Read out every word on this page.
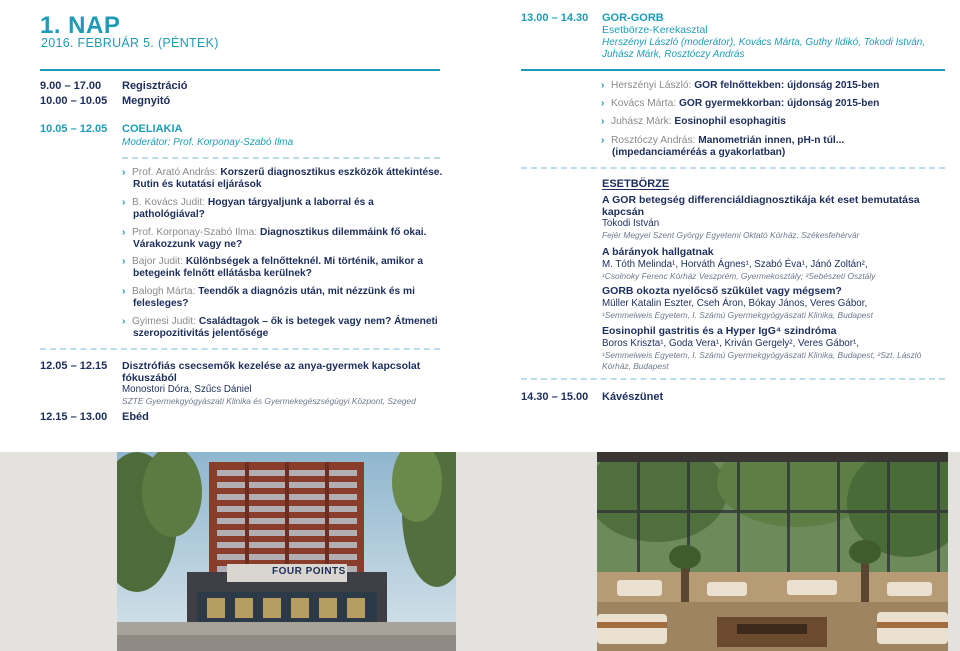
1. NAP
2016. FEBRUÁR 5. (PÉNTEK)
9.00 – 17.00 Regisztráció
10.00 – 10.05 Megnyitó
10.05 – 12.05 COELIAKIA
Moderátor: Prof. Korponay-Szabó Ilma
› Prof. Arató András: Korszerű diagnosztikus eszközök áttekintése.
Rutin és kutatási eljárások
› B. Kovács Judit: Hogyan tárgyaljunk a laborral és a
pathológiával?
› Prof. Korponay-Szabó Ilma: Diagnosztikus dilemmáink fő okai.
Várakozzunk vagy ne?
› Bajor Judit: Különbségek a felnőtteknél. Mi történik, amikor a
betegeink felnőtt ellátásba kerülnek?
› Balogh Márta: Teendők a diagnózis után, mit nézzünk és mi
felesleges?
› Gyimesi Judit: Családtagok – ők is betegek vagy nem? Átmeneti
szeropozitivitás jelentősége
12.05 – 12.15 Disztrófiás csecsemők kezelése az anya-gyermek kapcsolat
fókuszából
Monostori Dóra, Szűcs Dániel
SZTE Gyermekgyógyászati Klinika és Gyermekegészségügyi Központ, Szeged
12.15 – 13.00 Ebéd
13.00 – 14.30 GOR-GORB
Esetbörze-Kerekasztal
Herszényi László (moderátor), Kovács Márta, Guthy Ildikó, Tokodi István,
Juhász Márk, Rosztóczy András
› Herszényi László: GOR felnőttekben: újdonság 2015-ben
› Kovács Márta: GOR gyermekkorban: újdonság 2015-ben
› Juhász Márk: Eosinophil esophagitis
› Rosztóczy András: Manometrián innen, pH-n túl...
(impedanciaméréás a gyakorlatban)
ESETBÖRZE
A GOR betegség differenciáldiagnosztikája két eset bemutatása
kapcsán
Tokodi István
Fejér Megyei Szent György Egyetemi Oktató Kórház, Székesfehérvár
A bárányok hallgatnak
M. Tóth Melinda¹, Horváth Ágnes¹, Szabó Éva¹, Jánó Zoltán²,
¹Csolnoky Ferenc Kórház Veszprém, Gyermekosztály; ²Sebészeti Osztály
GORB okozta nyelőcső szűkület vagy mégsem?
Müller Katalin Eszter, Cseh Áron, Bókay János, Veres Gábor,
¹Semmelweis Egyetem, I. Számú Gyermekgyógyászati Klinika, Budapest
Eosinophil gastritis és a Hyper IgG⁴ szindróma
Boros Kriszta¹, Goda Vera¹, Kriván Gergely², Veres Gábor¹,
¹Semmelweis Egyetem, I. Számú Gyermekgyógyászati Klinika, Budapest, ²Szt. László
Kórház, Budapest
14.30 – 15.00 Kávészünet
FOUR POINTS
